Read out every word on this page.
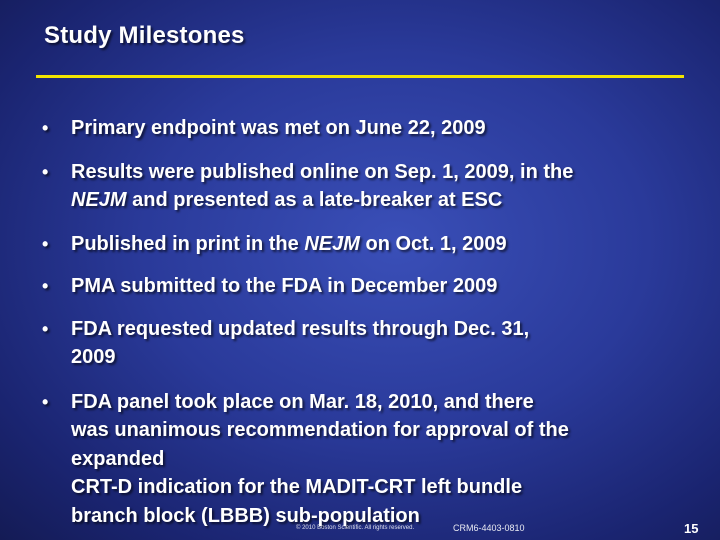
Study Milestones
• Primary endpoint was met on June 22, 2009
• Results were published online on Sep. 1, 2009, in the
NEJM and presented as a late-breaker at ESC
• Published in print in the NEJM on Oct. 1, 2009
• PMA submitted to the FDA in December 2009
• FDA requested updated results through Dec. 31,
2009
• FDA panel took place on Mar. 18, 2010, and there
was unanimous recommendation for approval of the
expanded
CRT-D indication for the MADIT-CRT left bundle
branch block (LBBB) sub-population
© 2010 Boston Scientific. All rights reserved.	CRM6-4403-0810	15
